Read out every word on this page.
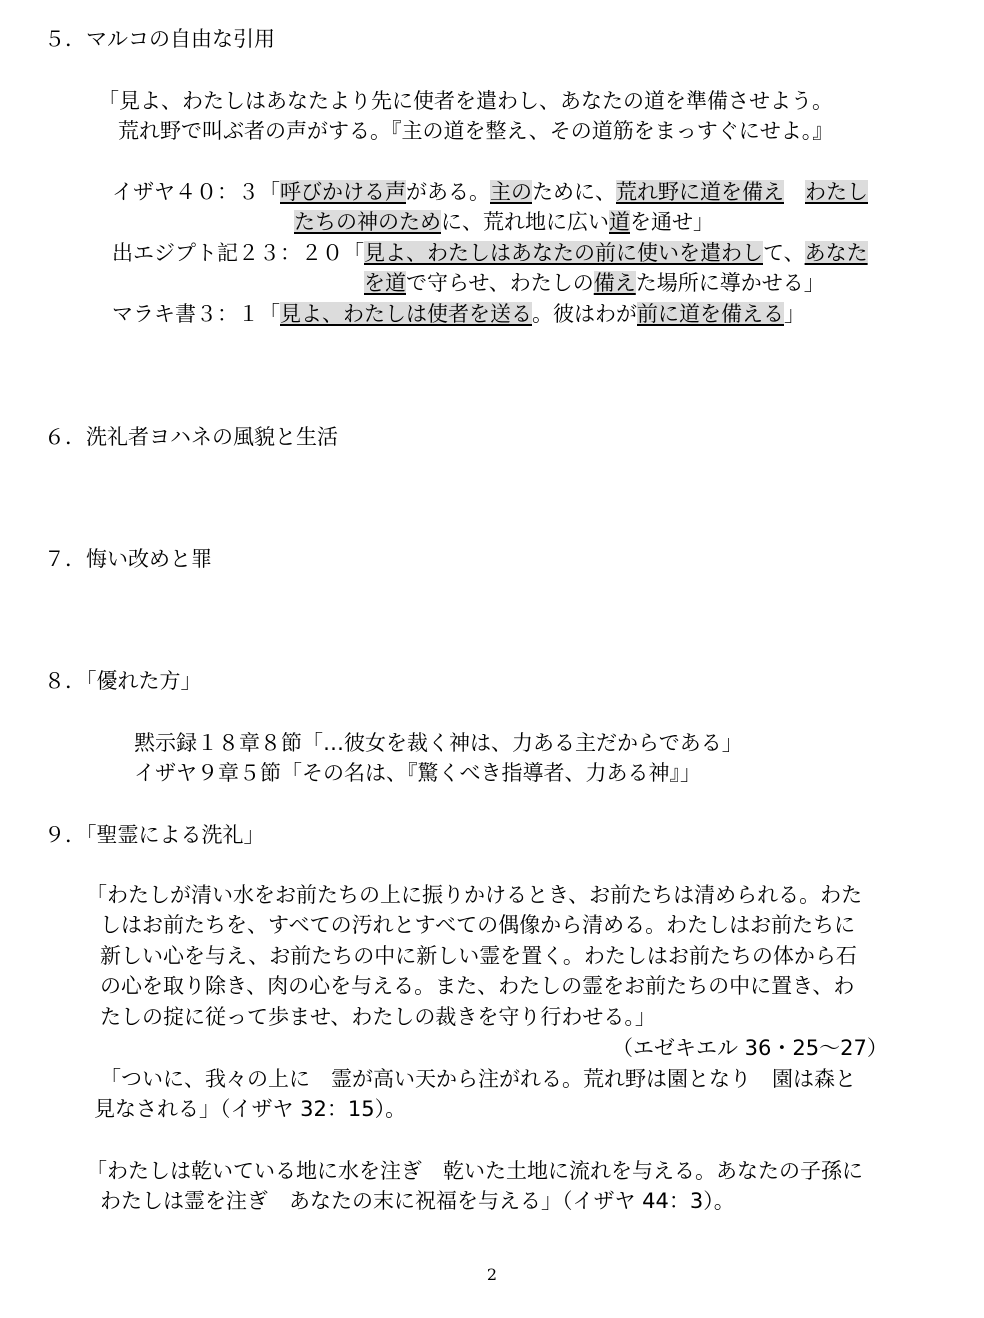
５．マルコの自由な引用
「見よ、わたしはあなたより先に使者を遣わし、あなたの道を準備させよう。
荒れ野で叫ぶ者の声がする。『主の道を整え、その道筋をまっすぐにせよ。』
イザヤ４０：３「呼びかける声がある。主のために、荒れ野に道を備え　 わたし
たちの神のために、荒れ地に広い道を通せ」
出エジプト記２３：２０「見よ、わたしはあなたの前に使いを遣わして、あなた
を道で守らせ、わたしの備えた場所に導かせる」
マラキ書３：１「見よ、わたしは使者を送る。彼はわが前に道を備える」
６．洗礼者ヨハネの風貌と生活
７．悔い改めと罪
８．「優れた方」
黙示録１８章８節「…彼女を裁く神は、力ある主だからである」
イザヤ９章５節「その名は、『驚くべき指導者、力ある神』」
９．「聖霊による洗礼」
「わたしが清い水をお前たちの上に振りかけるとき、お前たちは清められる。わた
しはお前たちを、すべての汚れとすべての偶像から清める。わたしはお前たちに
新しい心を与え、お前たちの中に新しい霊を置く。わたしはお前たちの体から石
の心を取り除き、肉の心を与える。また、わたしの霊をお前たちの中に置き、わ
たしの掟に従って歩ませ、わたしの裁きを守り行わせる。」
（エゼキエル 36・25～27）
「ついに、我々の上に　霊が高い天から注がれる。荒れ野は園となり　園は森と
見なされる」（イザヤ 32：15）。
「わたしは乾いている地に水を注ぎ　乾いた土地に流れを与える。あなたの子孫に
わたしは霊を注ぎ　あなたの末に祝福を与える」（イザヤ 44：3）。
2
